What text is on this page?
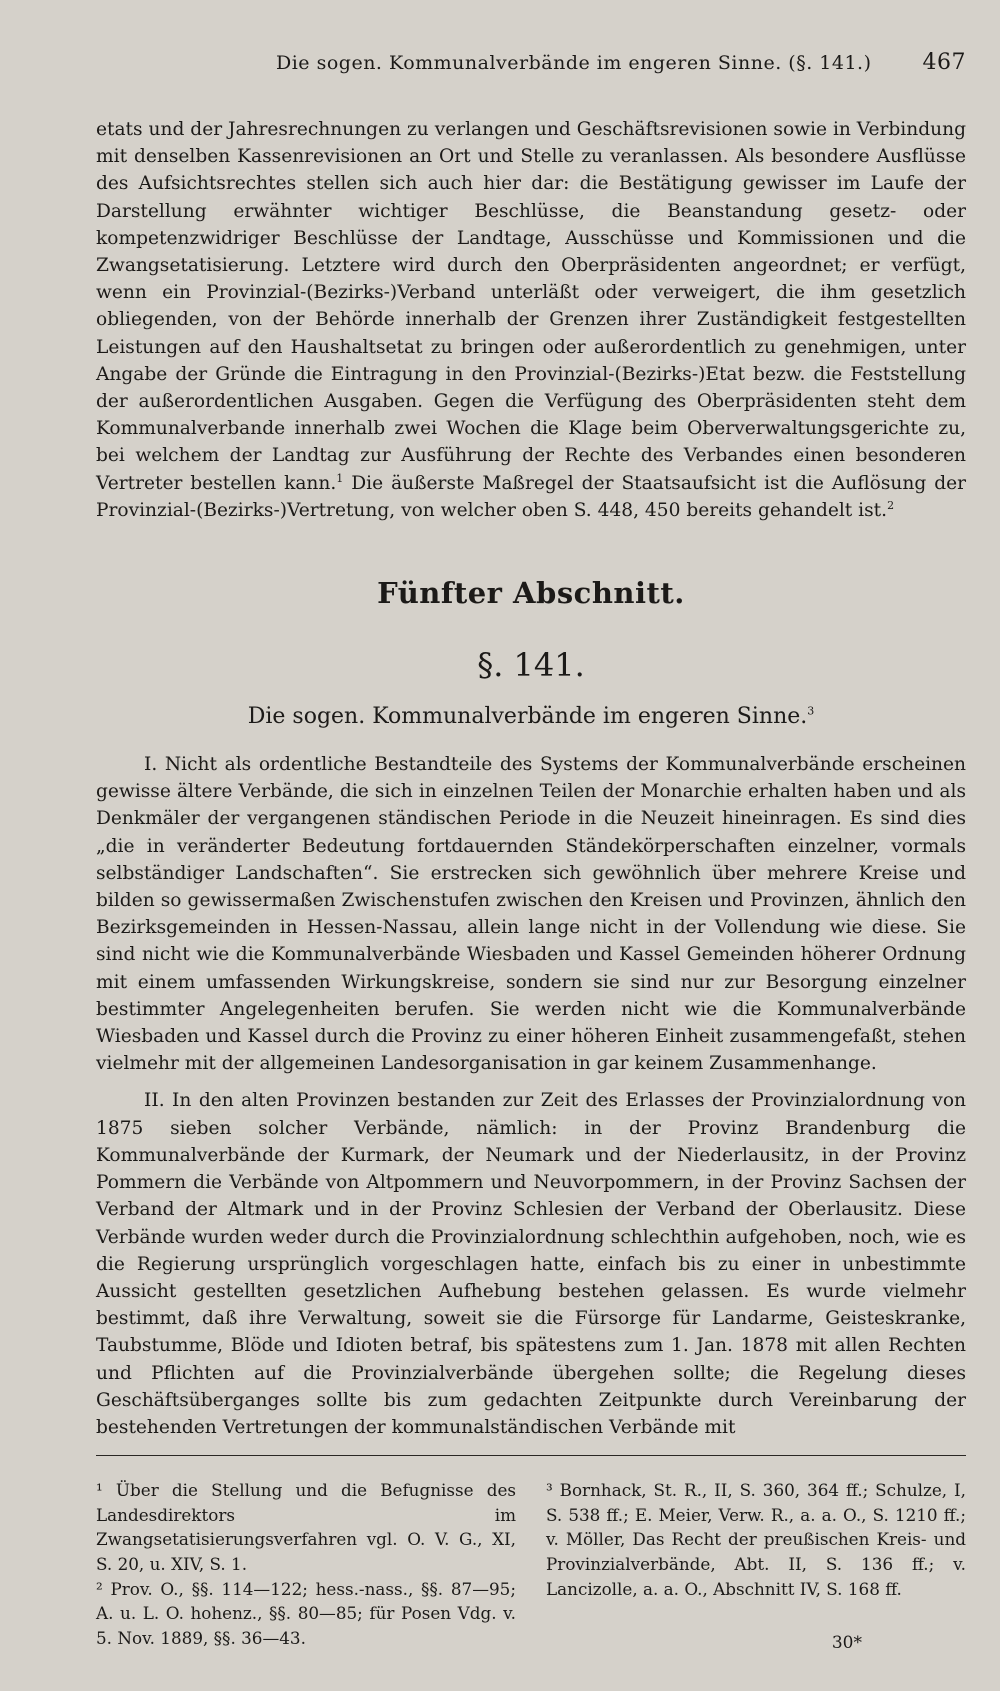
Die sogen. Kommunalverbände im engeren Sinne. (§. 141.) 467

etats und der Jahresrechnungen zu verlangen und Geschäftsrevisionen sowie in Verbindung mit denselben Kassenrevisionen an Ort und Stelle zu veranlassen. Als besondere Ausflüsse des Aufsichtsrechtes stellen sich auch hier dar: die Bestätigung gewisser im Laufe der Darstellung erwähnter wichtiger Beschlüsse, die Beanstandung gesetz- oder kompetenzwidriger Beschlüsse der Landtage, Ausschüsse und Kommissionen und die Zwangsetatisierung. Letztere wird durch den Oberpräsidenten angeordnet; er verfügt, wenn ein Provinzial-(Bezirks-)Verband unterläßt oder verweigert, die ihm gesetzlich obliegenden, von der Behörde innerhalb der Grenzen ihrer Zuständigkeit festgestellten Leistungen auf den Haushaltsetat zu bringen oder außerordentlich zu genehmigen, unter Angabe der Gründe die Eintragung in den Provinzial-(Bezirks-)Etat bezw. die Feststellung der außerordentlichen Ausgaben. Gegen die Verfügung des Oberpräsidenten steht dem Kommunalverbande innerhalb zwei Wochen die Klage beim Oberverwaltungsgerichte zu, bei welchem der Landtag zur Ausführung der Rechte des Verbandes einen besonderen Vertreter bestellen kann.$^1$ Die äußerste Maßregel der Staatsaufsicht ist die Auflösung der Provinzial-(Bezirks-)Vertretung, von welcher oben S. 448, 450 bereits gehandelt ist.$^2$

Fünfter Abschnitt.
§. 141.
Die sogen. Kommunalverbände im engeren Sinne.$^3$

I. Nicht als ordentliche Bestandteile des Systems der Kommunalverbände erscheinen gewisse ältere Verbände, die sich in einzelnen Teilen der Monarchie erhalten haben und als Denkmäler der vergangenen ständischen Periode in die Neuzeit hineinragen. Es sind dies „die in veränderter Bedeutung fortdauernden Ständekörperschaften einzelner, vormals selbständiger Landschaften“. Sie erstrecken sich gewöhnlich über mehrere Kreise und bilden so gewissermaßen Zwischenstufen zwischen den Kreisen und Provinzen, ähnlich den Bezirksgemeinden in Hessen-Nassau, allein lange nicht in der Vollendung wie diese. Sie sind nicht wie die Kommunalverbände Wiesbaden und Kassel Gemeinden höherer Ordnung mit einem umfassenden Wirkungskreise, sondern sie sind nur zur Besorgung einzelner bestimmter Angelegenheiten berufen. Sie werden nicht wie die Kommunalverbände Wiesbaden und Kassel durch die Provinz zu einer höheren Einheit zusammengefaßt, stehen vielmehr mit der allgemeinen Landesorganisation in gar keinem Zusammenhange.

II. In den alten Provinzen bestanden zur Zeit des Erlasses der Provinzialordnung von 1875 sieben solcher Verbände, nämlich: in der Provinz Brandenburg die Kommunalverbände der Kurmark, der Neumark und der Niederlausitz, in der Provinz Pommern die Verbände von Altpommern und Neuvorpommern, in der Provinz Sachsen der Verband der Altmark und in der Provinz Schlesien der Verband der Oberlausitz. Diese Verbände wurden weder durch die Provinzialordnung schlechthin aufgehoben, noch, wie es die Regierung ursprünglich vorgeschlagen hatte, einfach bis zu einer in unbestimmte Aussicht gestellten gesetzlichen Aufhebung bestehen gelassen. Es wurde vielmehr bestimmt, daß ihre Verwaltung, soweit sie die Fürsorge für Landarme, Geisteskranke, Taubstumme, Blöde und Idioten betraf, bis spätestens zum 1. Jan. 1878 mit allen Rechten und Pflichten auf die Provinzialverbände übergehen sollte; die Regelung dieses Geschäftsüberganges sollte bis zum gedachten Zeitpunkte durch Vereinbarung der bestehenden Vertretungen der kommunalständischen Verbände mit

¹ Über die Stellung und die Befugnisse des Landesdirektors im Zwangsetatisierungsverfahren vgl. O. V. G., XI, S. 20, u. XIV, S. 1.
² Prov. O., §§. 114—122; hess.-nass., §§. 87—95; A. u. L. O. hohenz., §§. 80—85; für Posen Vdg. v. 5. Nov. 1889, §§. 36—43.
³ Bornhack, St. R., II, S. 360, 364 ff.; Schulze, I, S. 538 ff.; E. Meier, Verw. R., a. a. O., S. 1210 ff.; v. Möller, Das Recht der preußischen Kreis- und Provinzialverbände, Abt. II, S. 136 ff.; v. Lancizolle, a. a. O., Abschnitt IV, S. 168 ff.
30*
